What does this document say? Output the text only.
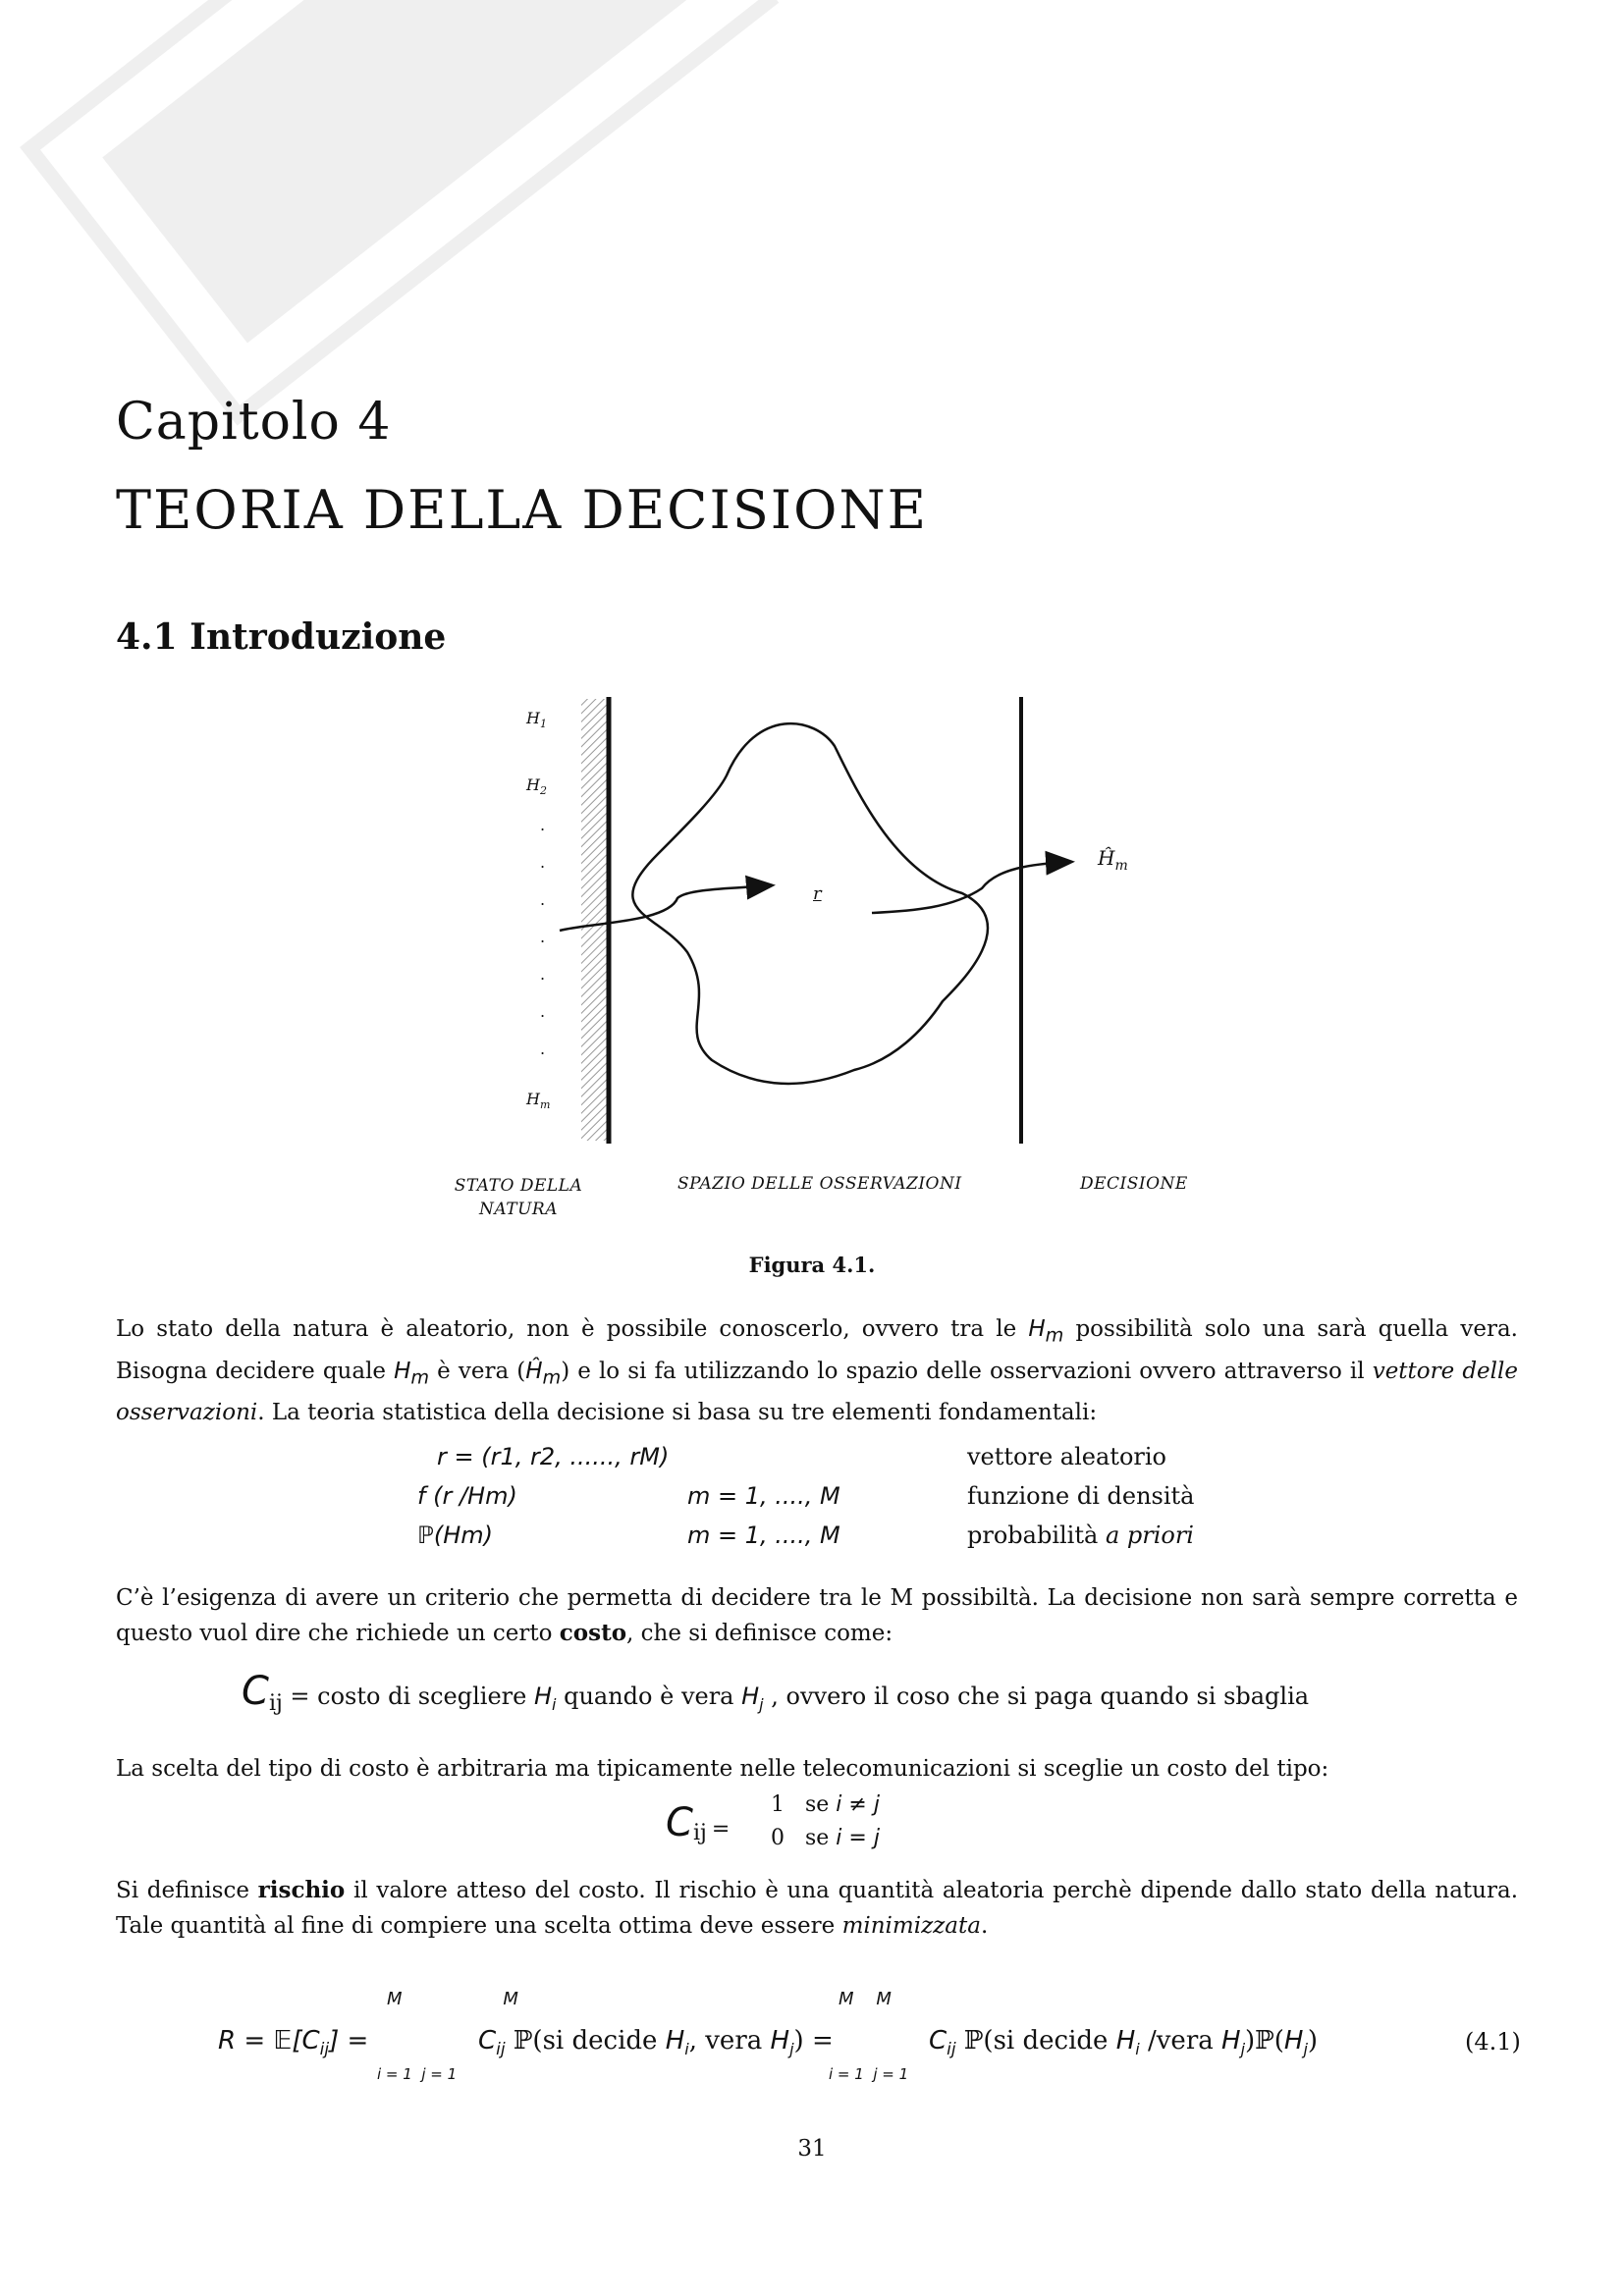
Capitolo 4
TEORIA DELLA DECISIONE
4.1 Introduzione
$H_1$
$H_2$
.
.
.
.
.
.
.
$H_m$
r
$Ĥ_m$
STATO DELLA
NATURA
SPAZIO DELLE OSSERVAZIONI	DECISIONE
Figura 4.1.

Lo stato della natura è aleatorio, non è possibile conoscerlo, ovvero tra le $H_m$ possibilità solo una sarà quella vera. Bisogna decidere quale $H_m$ è vera $(Ĥ_m)$ e lo si fa utilizzando lo spazio delle osservazioni ovvero attraverso il vettore delle osservazioni. La teoria statistica della decisione si basa su tre elementi fondamentali:

r = (r1, r2, ......, rM)	vettore aleatorio
f (r /Hm)	m = 1, ...., M	funzione di densità
ℙ(Hm)	m = 1, ...., M	probabilità a priori

C’è l’esigenza di avere un criterio che permetta di decidere tra le M possibiltà. La decisione non sarà sempre corretta e questo vuol dire che richiede un certo costo, che si definisce come:

$C_{ij}$ = costo di scegliere $H_i$ quando è vera $H_j$ , ovvero il coso che si paga quando si sbaglia

La scelta del tipo di costo è arbitraria ma tipicamente nelle telecomunicazioni si sceglie un costo del tipo:

$C_{ij}$ =
1 se i ≠ j
0 se i = j

Si definisce rischio il valore atteso del costo. Il rischio è una quantità aleatoria perchè dipende dallo stato della natura. Tale quantità al fine di compiere una scelta ottima deve essere minimizzata.

$R = 𝔼[C_{ij}]$ =
M	M
i = 1 j = 1
$C_{ij}$ ℙ(si decide $H_i$, vera $H_j$) =
M M
i = 1 j = 1
$C_{ij}$ ℙ(si decide $H_i$ /vera $H_j)ℙ(H_j)$	(4.1)
31
